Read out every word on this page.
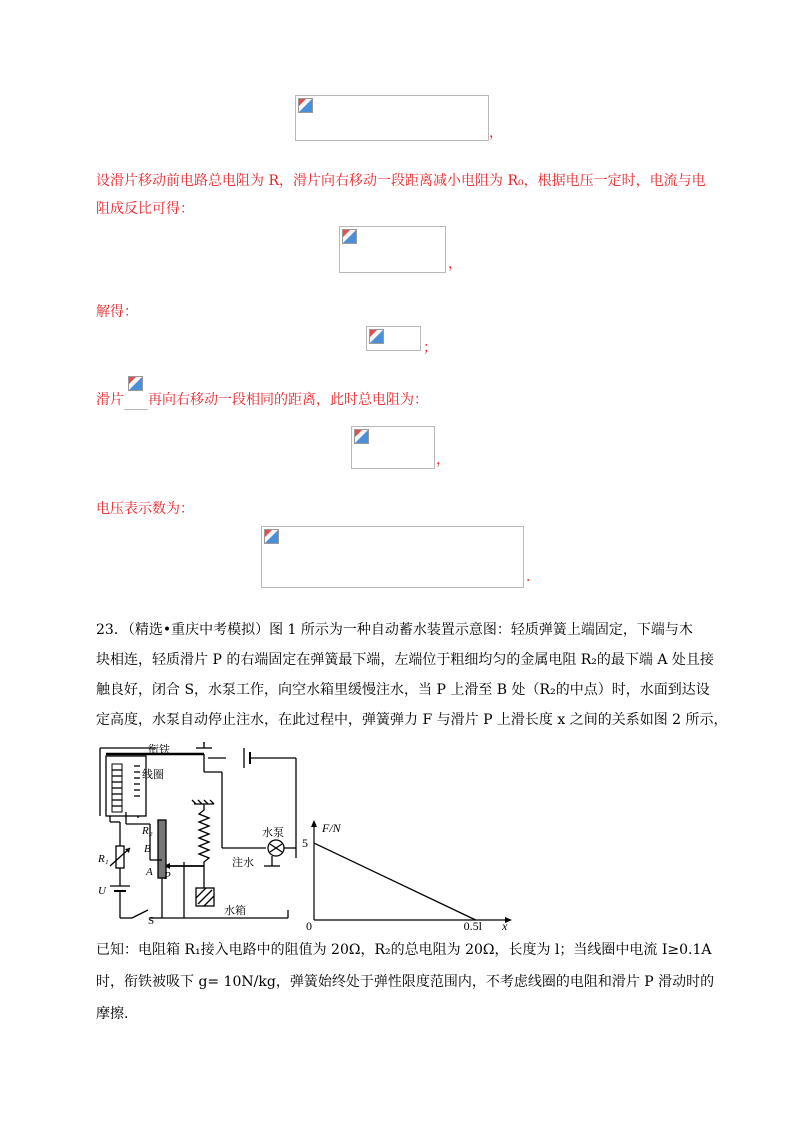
，
设滑片移动前电路总电阻为 R，滑片向右移动一段距离减小电阻为 R₀，根据电压一定时，电流与电
阻成反比可得：
，
解得：
；
滑片 再向右移动一段相同的距离，此时总电阻为：
，
电压表示数为：
.
23．（精选•重庆中考模拟）图 1 所示为一种自动蓄水装置示意图：轻质弹簧上端固定，下端与木
块相连，轻质滑片 P 的右端固定在弹簧最下端，左端位于粗细均匀的金属电阻 R₂的最下端 A 处且接
触良好，闭合 S，水泵工作，向空水箱里缓慢注水，当 P 上滑至 B 处（R₂的中点）时，水面到达设
定高度，水泵自动停止注水，在此过程中，弹簧弹力 F 与滑片 P 上滑长度 x 之间的关系如图 2 所示，
衔铁
线圈
R₂
B
A P
R₁
U
S
水泵
注水
水箱
F/N
5
0	0.5l x
已知：电阻箱 R₁接入电路中的阻值为 20Ω，R₂的总电阻为 20Ω，长度为 l；当线圈中电流 I≥0.1A
时，衔铁被吸下 g= 10N/kg，弹簧始终处于弹性限度范围内，不考虑线圈的电阻和滑片 P 滑动时的
摩擦.
